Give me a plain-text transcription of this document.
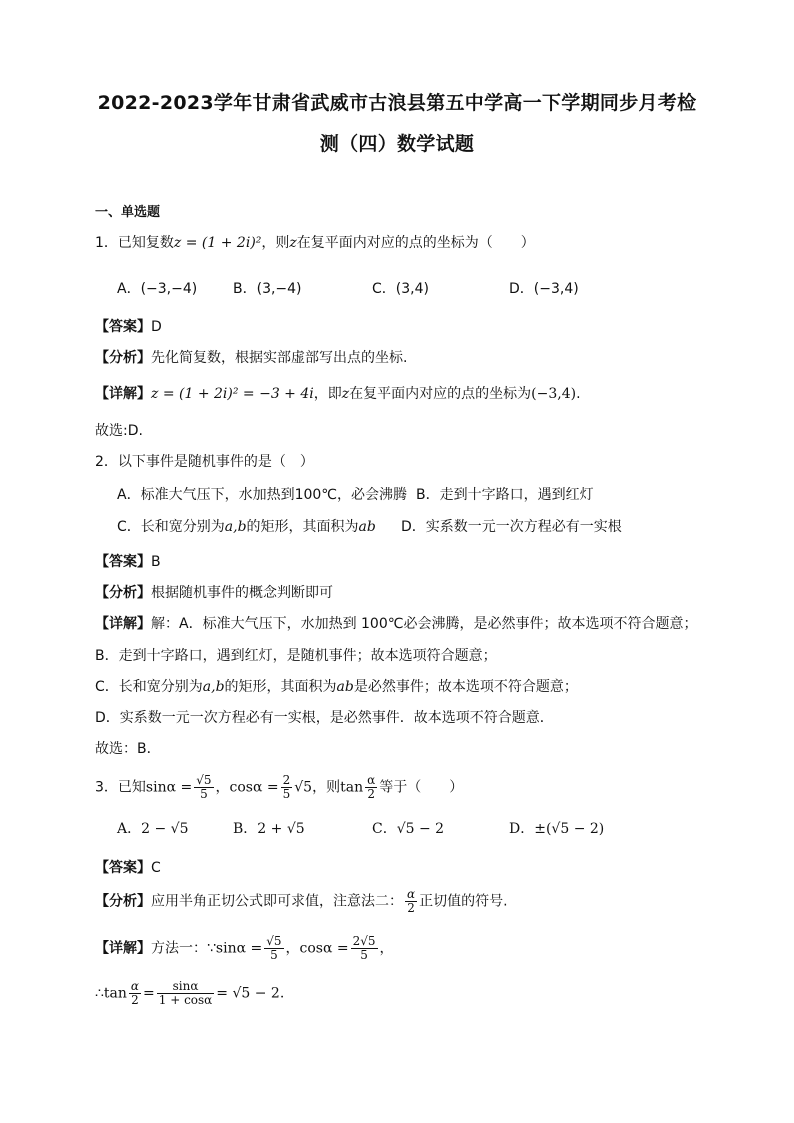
2022-2023学年甘肃省武威市古浪县第五中学高一下学期同步月考检
测（四）数学试题
一、单选题
1．已知复数z = (1 + 2i)²，则z在复平面内对应的点的坐标为（　　）
A．(−3,−4)	B．(3,−4)	C．(3,4)	D．(−3,4)
【答案】D
【分析】先化简复数，根据实部虚部写出点的坐标.
【详解】z = (1 + 2i)² = −3 + 4i，即z在复平面内对应的点的坐标为(−3,4).
故选:D.
2．以下事件是随机事件的是（　）
A．标准大气压下，水加热到100℃，必会沸腾 B．走到十字路口，遇到红灯
C．长和宽分别为a,b的矩形，其面积为ab D．实系数一元一次方程必有一实根
【答案】B
【分析】根据随机事件的概念判断即可
【详解】解：A．标准大气压下，水加热到 100℃必会沸腾，是必然事件；故本选项不符合题意；
B．走到十字路口，遇到红灯，是随机事件；故本选项符合题意；
C．长和宽分别为a,b的矩形，其面积为ab是必然事件；故本选项不符合题意；
D．实系数一元一次方程必有一实根，是必然事件．故本选项不符合题意．
故选：B．
3．已知$\sin\alpha = \frac{√5}{5}$ ，$\cos\alpha = \frac{2}{5} √5$，则$\tan \frac{\alpha}{2}$ 等于（　　）
A．2 − √5	B．2 + √5	C．√5 − 2	D．±(√5 − 2)
【答案】C
【分析】应用半角正切公式即可求值，注意法二： $\frac{\alpha}{2}$ 正切值的符号.
【详解】方法一：∵sinα = $\frac{√5}{5}$ ，$\cos\alpha = \frac{2√5}{5}$ ，
∴tan $\frac{\alpha}{2} = \frac{\sin\alpha}{1 + \cos\alpha} = √5 - 2$.
